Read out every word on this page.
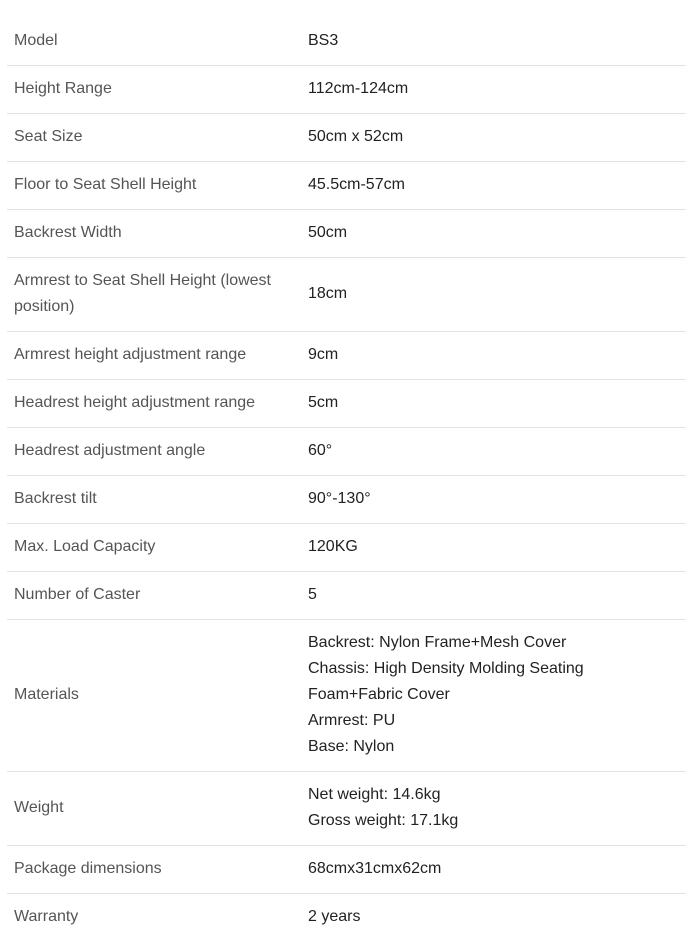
Model	BS3

Height Range	112cm-124cm

Seat Size	50cm x 52cm

Floor to Seat Shell Height	45.5cm-57cm

Backrest Width	50cm

Armrest to Seat Shell Height (lowest position)	18cm

Armrest height adjustment range	9cm

Headrest height adjustment range	5cm

Headrest adjustment angle	60°

Backrest tilt	90°-130°

Max. Load Capacity	120KG

Number of Caster	5

Materials	Backrest: Nylon Frame+Mesh Cover
Chassis: High Density Molding Seating Foam+Fabric Cover
Armrest: PU
Base: Nylon

Weight	Net weight: 14.6kg
Gross weight: 17.1kg

Package dimensions	68cmx31cmx62cm

Warranty	2 years
